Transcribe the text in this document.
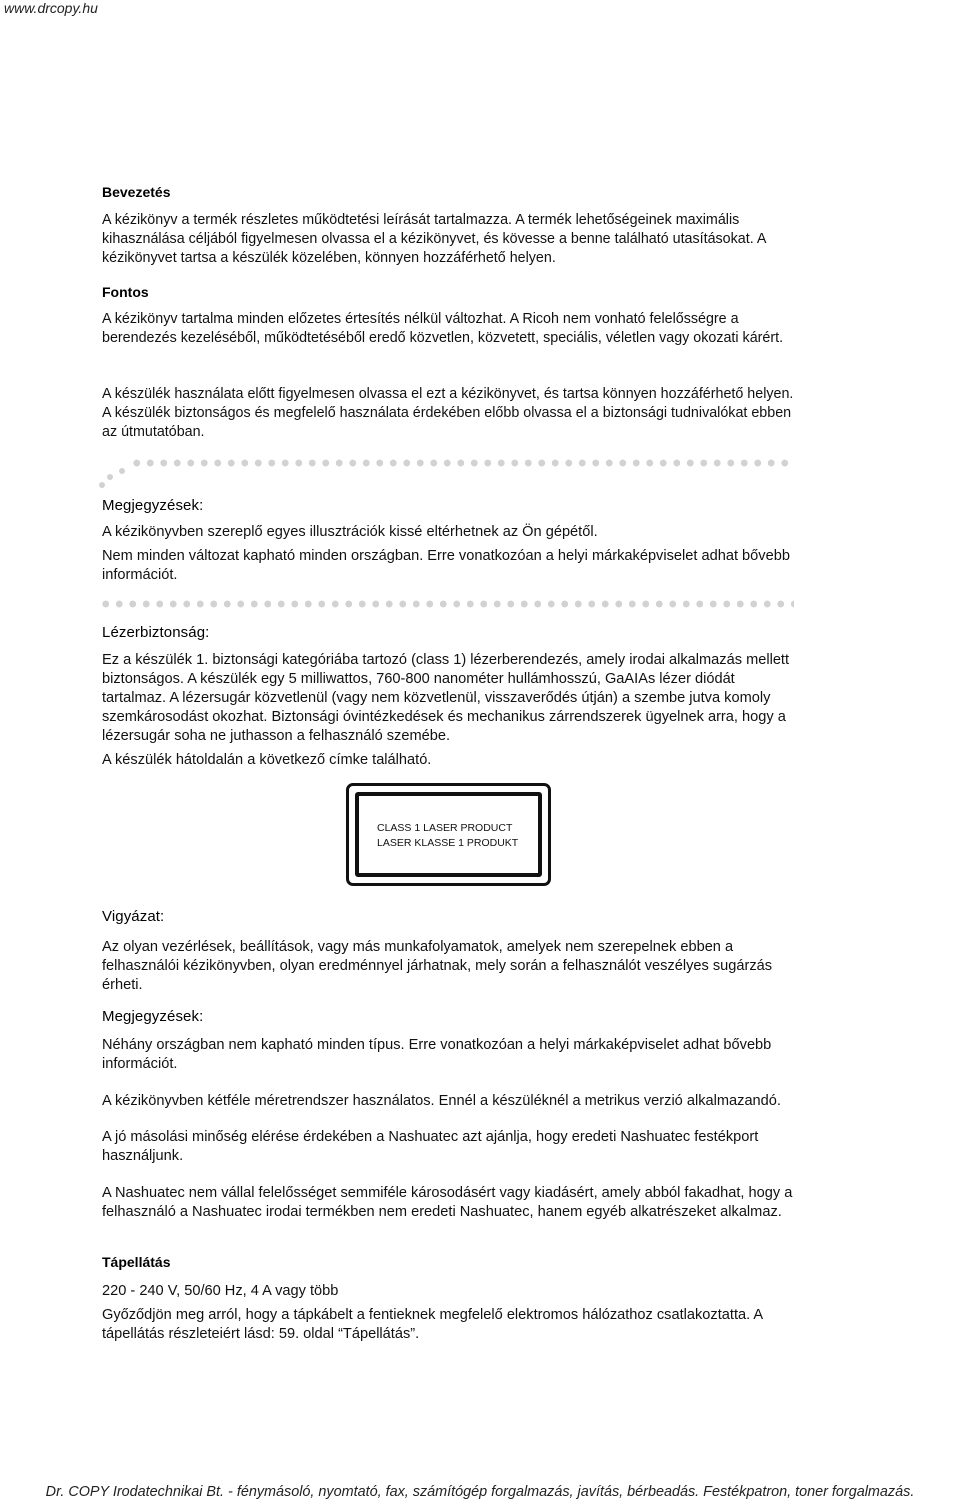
www.drcopy.hu
Bevezetés

A kézikönyv a termék részletes működtetési leírását tartalmazza. A termék lehetőségeinek maximális kihasználása céljából figyelmesen olvassa el a kézikönyvet, és kövesse a benne található utasításokat. A kézikönyvet tartsa a készülék közelében, könnyen hozzáférhető helyen.

Fontos

A kézikönyv tartalma minden előzetes értesítés nélkül változhat. A Ricoh nem vonható felelősségre a berendezés kezeléséből, működtetéséből eredő közvetlen, közvetett, speciális, véletlen vagy okozati kárért.

A készülék használata előtt figyelmesen olvassa el ezt a kézikönyvet, és tartsa könnyen hozzáférhető helyen. A készülék biztonságos és megfelelő használata érdekében előbb olvassa el a biztonsági tudnivalókat ebben az útmutatóban.

Megjegyzések:

A kézikönyvben szereplő egyes illusztrációk kissé eltérhetnek az Ön gépétől.

Nem minden változat kapható minden országban. Erre vonatkozóan a helyi márkaképviselet adhat bővebb információt.

Lézerbiztonság:

Ez a készülék 1. biztonsági kategóriába tartozó (class 1) lézerberendezés, amely irodai alkalmazás mellett biztonságos. A készülék egy 5 milliwattos, 760-800 nanométer hullámhosszú, GaAIAs lézer diódát tartalmaz. A lézersugár közvetlenül (vagy nem közvetlenül, visszaverődés útján) a szembe jutva komoly szemkárosodást okozhat. Biztonsági óvintézkedések és mechanikus zárrendszerek ügyelnek arra, hogy a lézersugár soha ne juthasson a felhasználó szemébe.

A készülék hátoldalán a következő címke található.

Vigyázat:

Az olyan vezérlések, beállítások, vagy más munkafolyamatok, amelyek nem szerepelnek ebben a felhasználói kézikönyvben, olyan eredménnyel járhatnak, mely során a felhasználót veszélyes sugárzás érheti.

Megjegyzések:

Néhány országban nem kapható minden típus. Erre vonatkozóan a helyi márkaképviselet adhat bővebb információt.

A kézikönyvben kétféle méretrendszer használatos. Ennél a készüléknél a metrikus verzió alkalmazandó.

A jó másolási minőség elérése érdekében a Nashuatec azt ajánlja, hogy eredeti Nashuatec festékport használjunk.

A Nashuatec nem vállal felelősséget semmiféle károsodásért vagy kiadásért, amely abból fakadhat, hogy a felhasználó a Nashuatec irodai termékben nem eredeti Nashuatec, hanem egyéb alkatrészeket alkalmaz.

Tápellátás

220 - 240 V, 50/60 Hz, 4 A vagy több

Győződjön meg arról, hogy a tápkábelt a fentieknek megfelelő elektromos hálózathoz csatlakoztatta. A tápellátás részleteiért lásd: 59. oldal “Tápellátás”.

CLASS 1 LASER PRODUCT
LASER KLASSE 1 PRODUKT
Dr. COPY Irodatechnikai Bt. - fénymásoló, nyomtató, fax, számítógép forgalmazás, javítás, bérbeadás. Festékpatron, toner forgalmazás.
